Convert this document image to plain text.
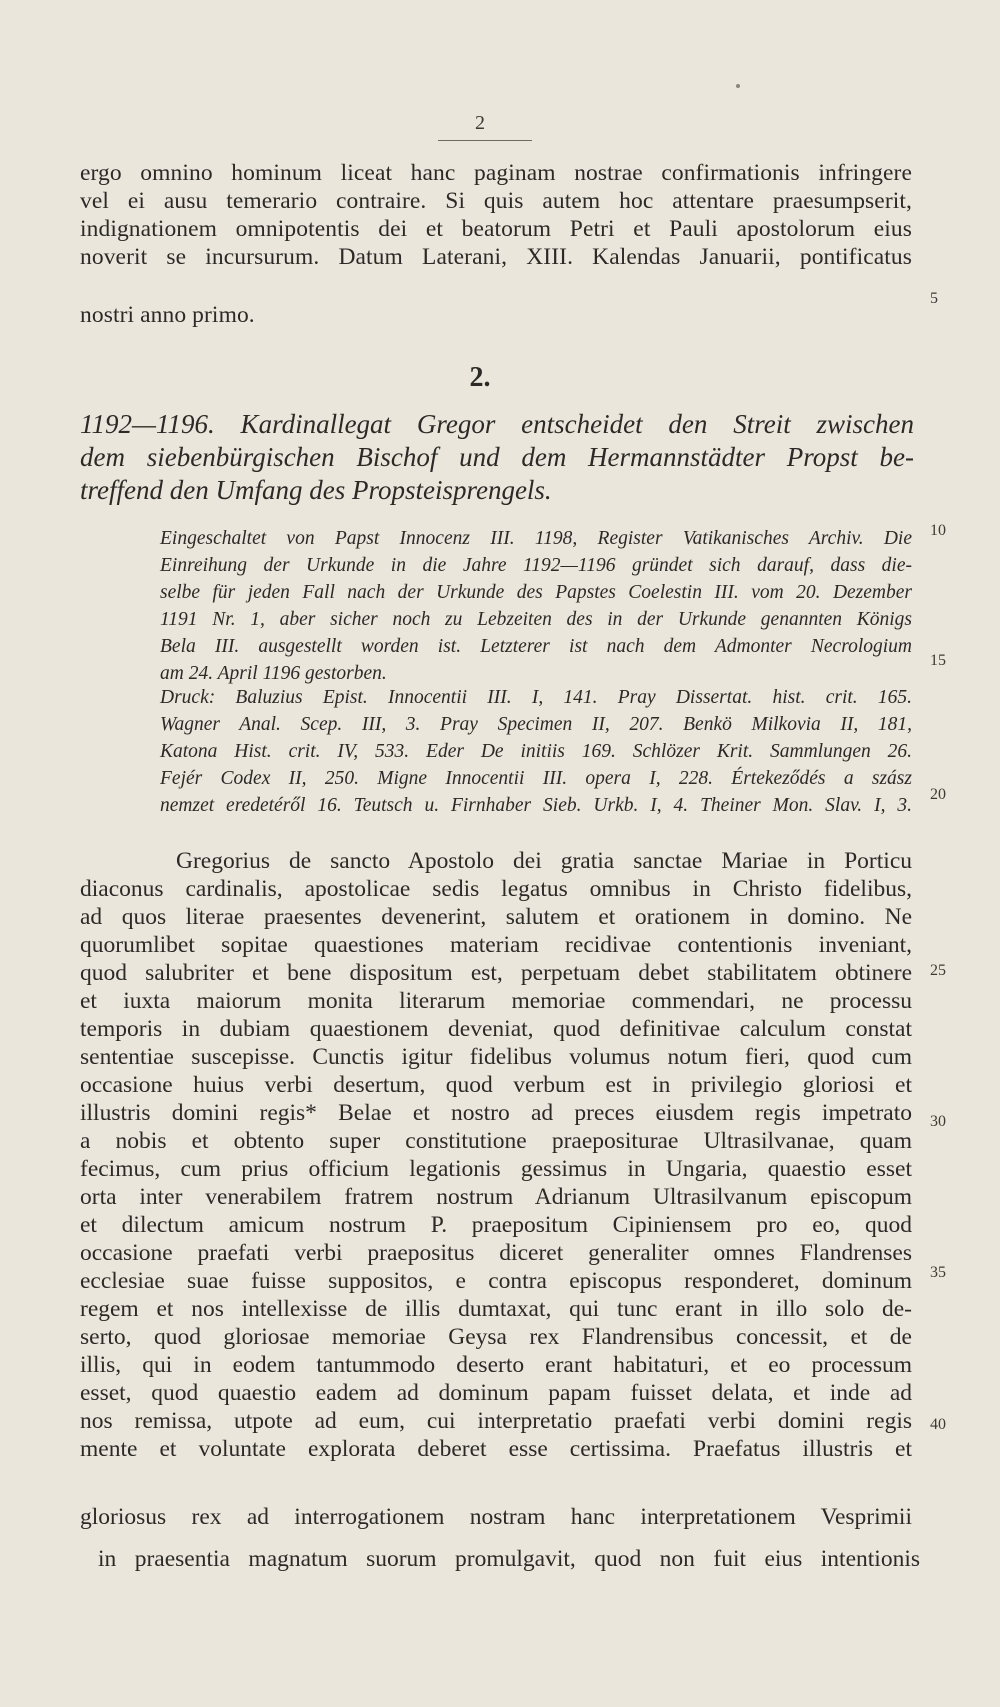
2

ergo omnino hominum liceat hanc paginam nostrae confirmationis infringere

vel ei ausu temerario contraire. Si quis autem hoc attentare praesumpserit,

indignationem omnipotentis dei et beatorum Petri et Pauli apostolorum eius

noverit se incursurum. Datum Laterani, XIII. Kalendas Januarii, pontificatus

nostri anno primo.

2.

1192—1196. Kardinallegat Gregor entscheidet den Streit zwischen

dem siebenbürgischen Bischof und dem Hermannstädter Propst be-

treffend den Umfang des Propsteisprengels.

Eingeschaltet von Papst Innocenz III. 1198, Register Vatikanisches Archiv. Die

Einreihung der Urkunde in die Jahre 1192—1196 gründet sich darauf, dass die-

selbe für jeden Fall nach der Urkunde des Papstes Coelestin III. vom 20. Dezember

1191 Nr. 1, aber sicher noch zu Lebzeiten des in der Urkunde genannten Königs

Bela III. ausgestellt worden ist. Letzterer ist nach dem Admonter Necrologium

am 24. April 1196 gestorben.

Druck: Baluzius Epist. Innocentii III. I, 141. Pray Dissertat. hist. crit. 165.

Wagner Anal. Scep. III, 3. Pray Specimen II, 207. Benkö Milkovia II, 181,

Katona Hist. crit. IV, 533. Eder De initiis 169. Schlözer Krit. Sammlungen 26.

Fejér Codex II, 250. Migne Innocentii III. opera I, 228. Értekeződés a szász

nemzet eredetéről 16. Teutsch u. Firnhaber Sieb. Urkb. I, 4. Theiner Mon. Slav. I, 3.

Gregorius de sancto Apostolo dei gratia sanctae Mariae in Porticu

diaconus cardinalis, apostolicae sedis legatus omnibus in Christo fidelibus,

ad quos literae praesentes devenerint, salutem et orationem in domino. Ne

quorumlibet sopitae quaestiones materiam recidivae contentionis inveniant,

quod salubriter et bene dispositum est, perpetuam debet stabilitatem obtinere

et iuxta maiorum monita literarum memoriae commendari, ne processu

temporis in dubiam quaestionem deveniat, quod definitivae calculum constat

sententiae suscepisse. Cunctis igitur fidelibus volumus notum fieri, quod cum

occasione huius verbi desertum, quod verbum est in privilegio gloriosi et

illustris domini regis* Belae et nostro ad preces eiusdem regis impetrato

a nobis et obtento super constitutione praepositurae Ultrasilvanae, quam

fecimus, cum prius officium legationis gessimus in Ungaria, quaestio esset

orta inter venerabilem fratrem nostrum Adrianum Ultrasilvanum episcopum

et dilectum amicum nostrum P. praepositum Cipiniensem pro eo, quod

occasione praefati verbi praepositus diceret generaliter omnes Flandrenses

ecclesiae suae fuisse suppositos, e contra episcopus responderet, dominum

regem et nos intellexisse de illis dumtaxat, qui tunc erant in illo solo de-

serto, quod gloriosae memoriae Geysa rex Flandrensibus concessit, et de

illis, qui in eodem tantummodo deserto erant habitaturi, et eo processum

esset, quod quaestio eadem ad dominum papam fuisset delata, et inde ad

nos remissa, utpote ad eum, cui interpretatio praefati verbi domini regis

mente et voluntate explorata deberet esse certissima. Praefatus illustris et

gloriosus rex ad interrogationem nostram hanc interpretationem Vesprimii

in praesentia magnatum suorum promulgavit, quod non fuit eius intentionis

5
10
15
20
25
30
35
40
